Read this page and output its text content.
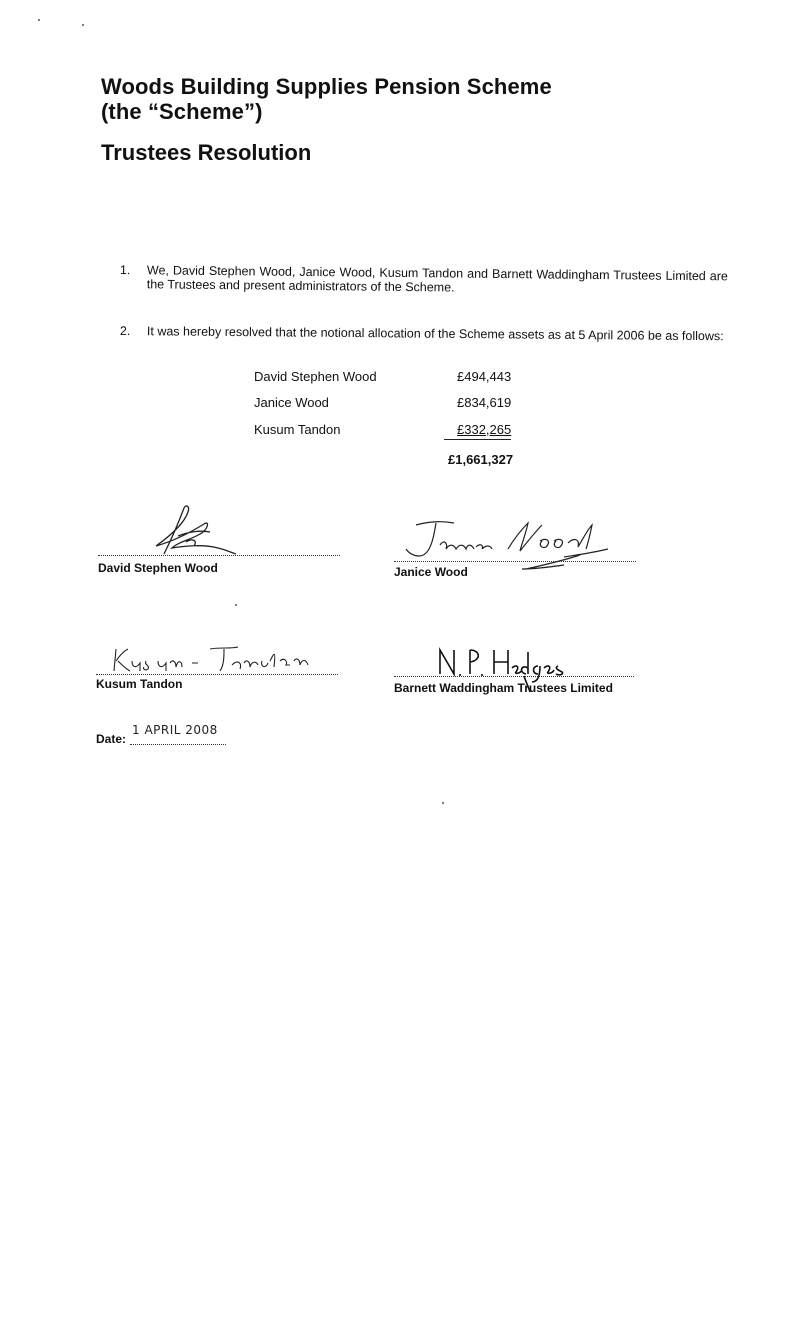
Woods Building Supplies Pension Scheme
(the “Scheme”)
Trustees Resolution
1.	We, David Stephen Wood, Janice Wood, Kusum Tandon and Barnett Waddingham Trustees Limited are the Trustees and present administrators of the Scheme.
2.	It was hereby resolved that the notional allocation of the Scheme assets as at 5 April 2006 be as follows:
David Stephen Wood	£494,443
Janice Wood	£834,619
Kusum Tandon	£332,265
£1,661,327
David Stephen Wood	Janice Wood
Kusum Tandon	Barnett Waddingham Trustees Limited
Date:
1 APRIL 2008
